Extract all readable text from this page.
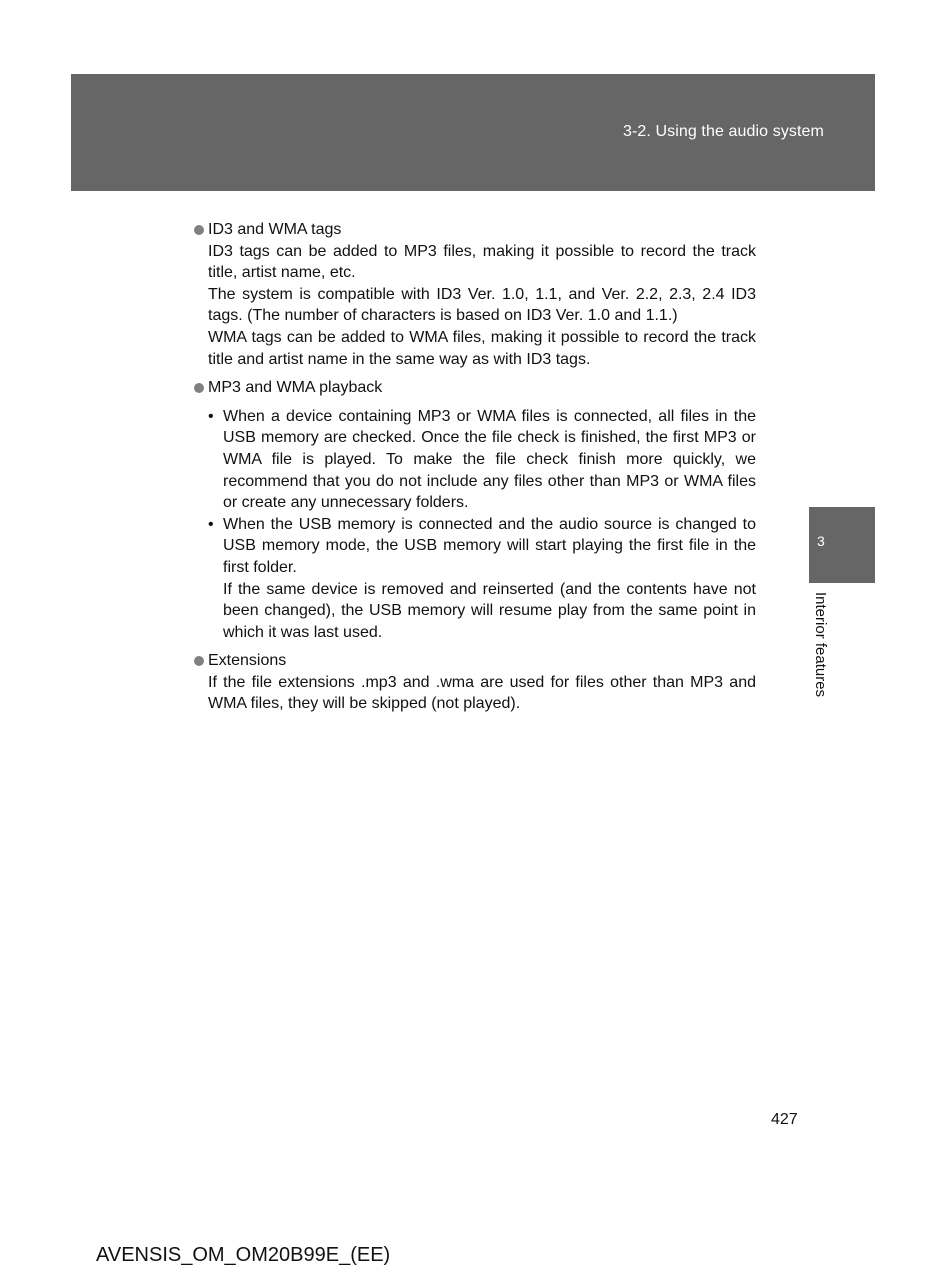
3-2. Using the audio system
3
Interior features
ID3 and WMA tags
ID3 tags can be added to MP3 files, making it possible to record the track title, artist name, etc.
The system is compatible with ID3 Ver. 1.0, 1.1, and Ver. 2.2, 2.3, 2.4 ID3 tags. (The number of characters is based on ID3 Ver. 1.0 and 1.1.)
WMA tags can be added to WMA files, making it possible to record the track title and artist name in the same way as with ID3 tags.
MP3 and WMA playback
• When a device containing MP3 or WMA files is connected, all files in the USB memory are checked. Once the file check is finished, the first MP3 or WMA file is played. To make the file check finish more quickly, we recommend that you do not include any files other than MP3 or WMA files or create any unnecessary folders.
• When the USB memory is connected and the audio source is changed to USB memory mode, the USB memory will start playing the first file in the first folder.
If the same device is removed and reinserted (and the contents have not been changed), the USB memory will resume play from the same point in which it was last used.
Extensions
If the file extensions .mp3 and .wma are used for files other than MP3 and WMA files, they will be skipped (not played).
427
AVENSIS_OM_OM20B99E_(EE)
